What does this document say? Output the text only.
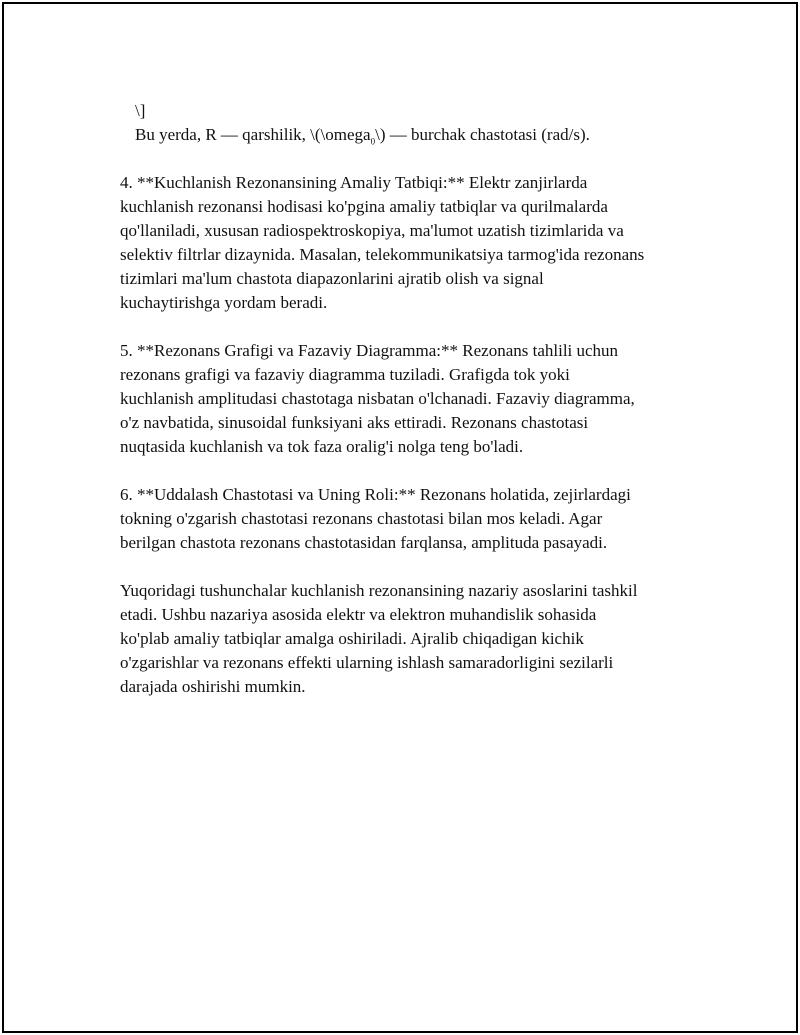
\]
Bu yerda, R — qarshilik, \(\omega$_0$\) — burchak chastotasi (rad/s).
4. **Kuchlanish Rezonansining Amaliy Tatbiqi:** Elektr zanjirlarda
kuchlanish rezonansi hodisasi ko'pgina amaliy tatbiqlar va qurilmalarda
qo'llaniladi, xususan radiospektroskopiya, ma'lumot uzatish tizimlarida va
selektiv filtrlar dizaynida. Masalan, telekommunikatsiya tarmog'ida rezonans
tizimlari ma'lum chastota diapazonlarini ajratib olish va signal
kuchaytirishga yordam beradi.
5. **Rezonans Grafigi va Fazaviy Diagramma:** Rezonans tahlili uchun
rezonans grafigi va fazaviy diagramma tuziladi. Grafigda tok yoki
kuchlanish amplitudasi chastotaga nisbatan o'lchanadi. Fazaviy diagramma,
o'z navbatida, sinusoidal funksiyani aks ettiradi. Rezonans chastotasi
nuqtasida kuchlanish va tok faza oralig'i nolga teng bo'ladi.
6. **Uddalash Chastotasi va Uning Roli:** Rezonans holatida, zejirlardagi
tokning o'zgarish chastotasi rezonans chastotasi bilan mos keladi. Agar
berilgan chastota rezonans chastotasidan farqlansa, amplituda pasayadi.
Yuqoridagi tushunchalar kuchlanish rezonansining nazariy asoslarini tashkil
etadi. Ushbu nazariya asosida elektr va elektron muhandislik sohasida
ko'plab amaliy tatbiqlar amalga oshiriladi. Ajralib chiqadigan kichik
o'zgarishlar va rezonans effekti ularning ishlash samaradorligini sezilarli
darajada oshirishi mumkin.
